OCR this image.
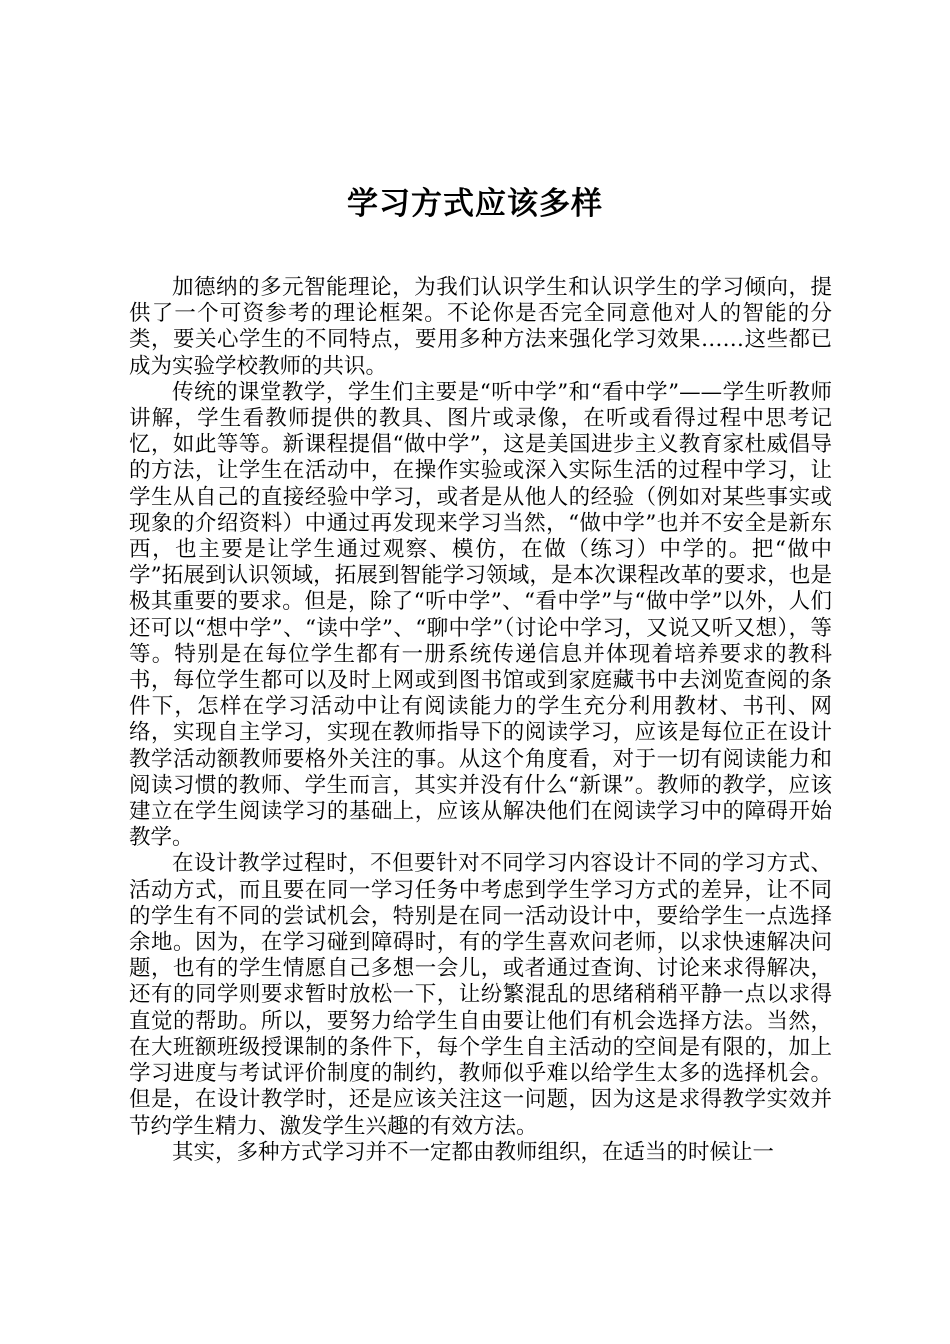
学习方式应该多样

加德纳的多元智能理论，为我们认识学生和认识学生的学习倾向，提供了一个可资参考的理论框架。不论你是否完全同意他对人的智能的分类，要关心学生的不同特点，要用多种方法来强化学习效果……这些都已成为实验学校教师的共识。

传统的课堂教学，学生们主要是“听中学”和“看中学”——学生听教师讲解，学生看教师提供的教具、图片或录像，在听或看得过程中思考记忆，如此等等。新课程提倡“做中学”，这是美国进步主义教育家杜威倡导的方法，让学生在活动中，在操作实验或深入实际生活的过程中学习，让学生从自己的直接经验中学习，或者是从他人的经验（例如对某些事实或现象的介绍资料）中通过再发现来学习当然，“做中学”也并不安全是新东西，也主要是让学生通过观察、模仿，在做（练习）中学的。把“做中学”拓展到认识领域，拓展到智能学习领域，是本次课程改革的要求，也是极其重要的要求。但是，除了“听中学”、“看中学”与“做中学”以外，人们还可以“想中学”、“读中学”、“聊中学”（讨论中学习，又说又听又想），等等。特别是在每位学生都有一册系统传递信息并体现着培养要求的教科书，每位学生都可以及时上网或到图书馆或到家庭藏书中去浏览查阅的条件下，怎样在学习活动中让有阅读能力的学生充分利用教材、书刊、网络，实现自主学习，实现在教师指导下的阅读学习，应该是每位正在设计教学活动额教师要格外关注的事。从这个角度看，对于一切有阅读能力和阅读习惯的教师、学生而言，其实并没有什么“新课”。教师的教学，应该建立在学生阅读学习的基础上，应该从解决他们在阅读学习中的障碍开始教学。

在设计教学过程时，不但要针对不同学习内容设计不同的学习方式、活动方式，而且要在同一学习任务中考虑到学生学习方式的差异，让不同的学生有不同的尝试机会，特别是在同一活动设计中，要给学生一点选择余地。因为，在学习碰到障碍时，有的学生喜欢问老师，以求快速解决问题，也有的学生情愿自己多想一会儿，或者通过查询、讨论来求得解决，还有的同学则要求暂时放松一下，让纷繁混乱的思绪稍稍平静一点以求得直觉的帮助。所以，要努力给学生自由要让他们有机会选择方法。当然，在大班额班级授课制的条件下，每个学生自主活动的空间是有限的，加上学习进度与考试评价制度的制约，教师似乎难以给学生太多的选择机会。但是，在设计教学时，还是应该关注这一问题，因为这是求得教学实效并节约学生精力、激发学生兴趣的有效方法。

其实，多种方式学习并不一定都由教师组织，在适当的时候让一
